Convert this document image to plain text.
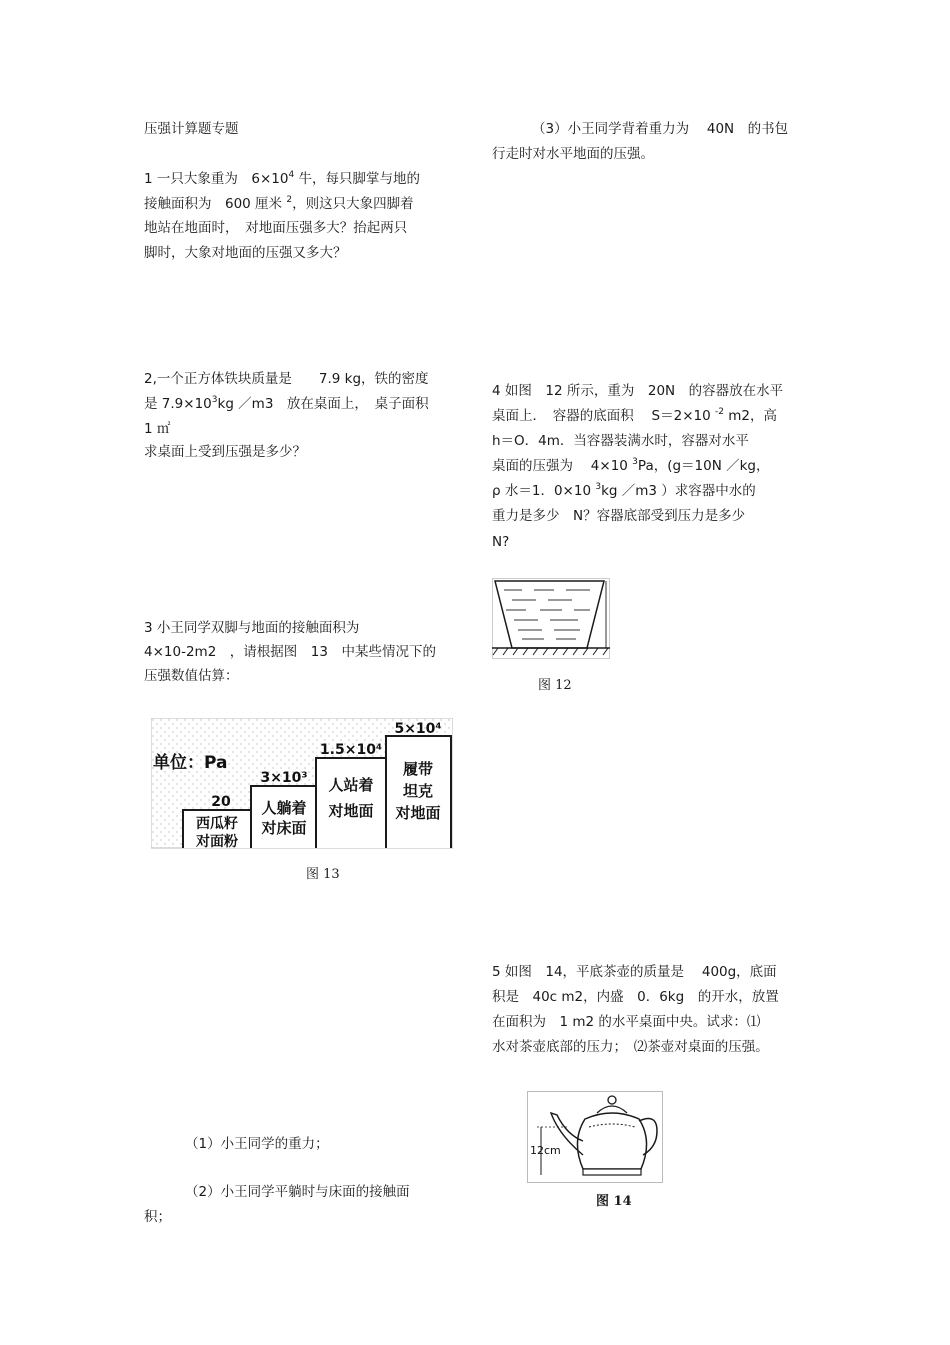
压强计算题专题
1 一只大象重为　$6\times 10^4$ 牛，每只脚掌与地的
接触面积为　600 厘米 $^2$，则这只大象四脚着
地站在地面时，　对地面压强多大？抬起两只
脚时，大象对地面的压强又多大？
2,一个正方体铁块质量是　　7.9 kg，铁的密度
是 $7.9\times 10^3kg$ ／m3　放在桌面上，　桌子面积
1 ㎡
求桌面上受到压强是多少？
3 小王同学双脚与地面的接触面积为
4×10-2m2　，请根据图　13　中某些情况下的
压强数值估算：
单位：Pa
20
西瓜籽
对面粉
3×10³
人躺着
对床面
1.5×10⁴
人站着
对地面
5×10⁴
履带
坦克
对地面
图 13
（1）小王同学的重力；
（2）小王同学平躺时与床面的接触面
积；
（3）小王同学背着重力为　 40N　的书包
行走时对水平地面的压强。
4 如图　12 所示，重为　20N　的容器放在水平
桌面上．　容器的底面积　 S＝2×10 $^{-2}$ m2，高
h＝O．4m．当容器装满水时，容器对水平
桌面的压强为　 4×10 $^3$Pa，(g＝10N ／kg，
ρ 水＝1．0×10 $^3$kg ／m3 ）求容器中水的
重力是多少　N？容器底部受到压力是多少
N?
图 12
5 如图　14，平底茶壶的质量是　 400g，底面
积是　40c m2，内盛　0．6kg　的开水，放置
在面积为　1 m2 的水平桌面中央。试求：⑴
水对茶壶底部的压力；　⑵茶壶对桌面的压强。
12cm
图 14
